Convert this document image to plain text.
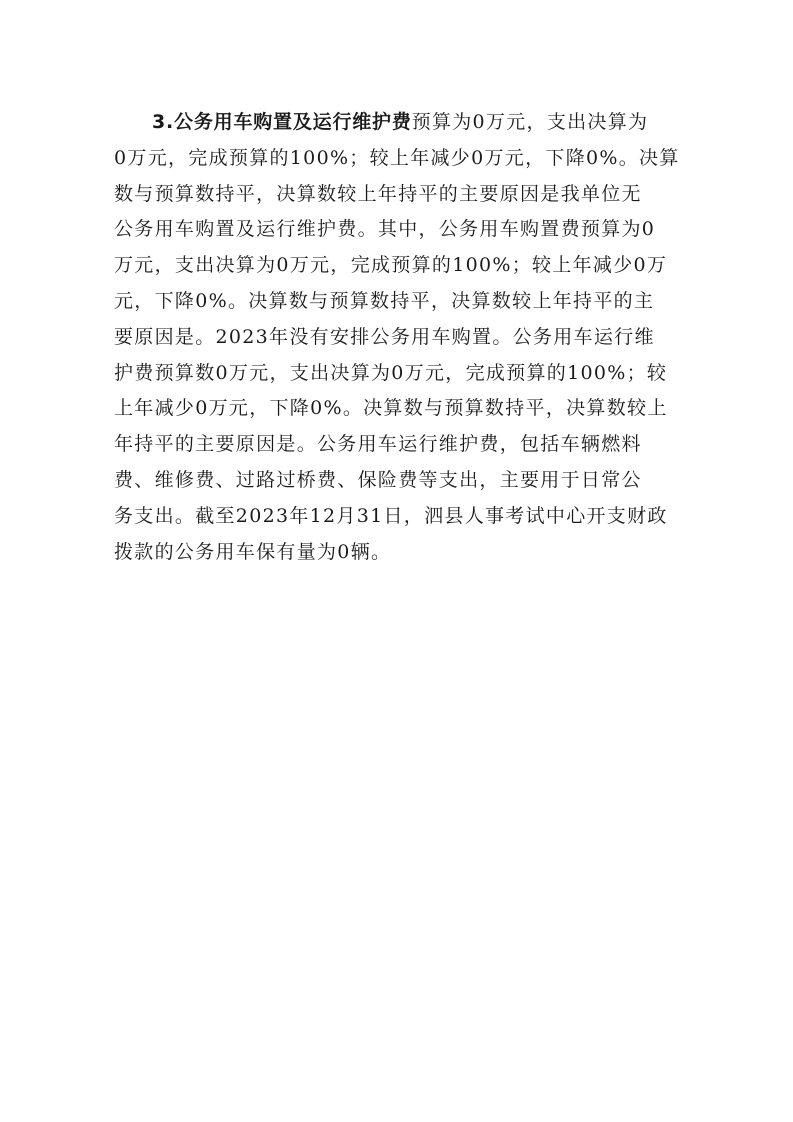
3.公务用车购置及运行维护费预算为0万元，支出决算为
0万元，完成预算的100%；较上年减少0万元，下降0%。决算
数与预算数持平，决算数较上年持平的主要原因是我单位无
公务用车购置及运行维护费。其中，公务用车购置费预算为0
万元，支出决算为0万元，完成预算的100%；较上年减少0万
元，下降0%。决算数与预算数持平，决算数较上年持平的主
要原因是。2023年没有安排公务用车购置。公务用车运行维
护费预算数0万元，支出决算为0万元，完成预算的100%；较
上年减少0万元，下降0%。决算数与预算数持平，决算数较上
年持平的主要原因是。公务用车运行维护费，包括车辆燃料
费、维修费、过路过桥费、保险费等支出，主要用于日常公
务支出。截至2023年12月31日，泗县人事考试中心开支财政
拨款的公务用车保有量为0辆。
